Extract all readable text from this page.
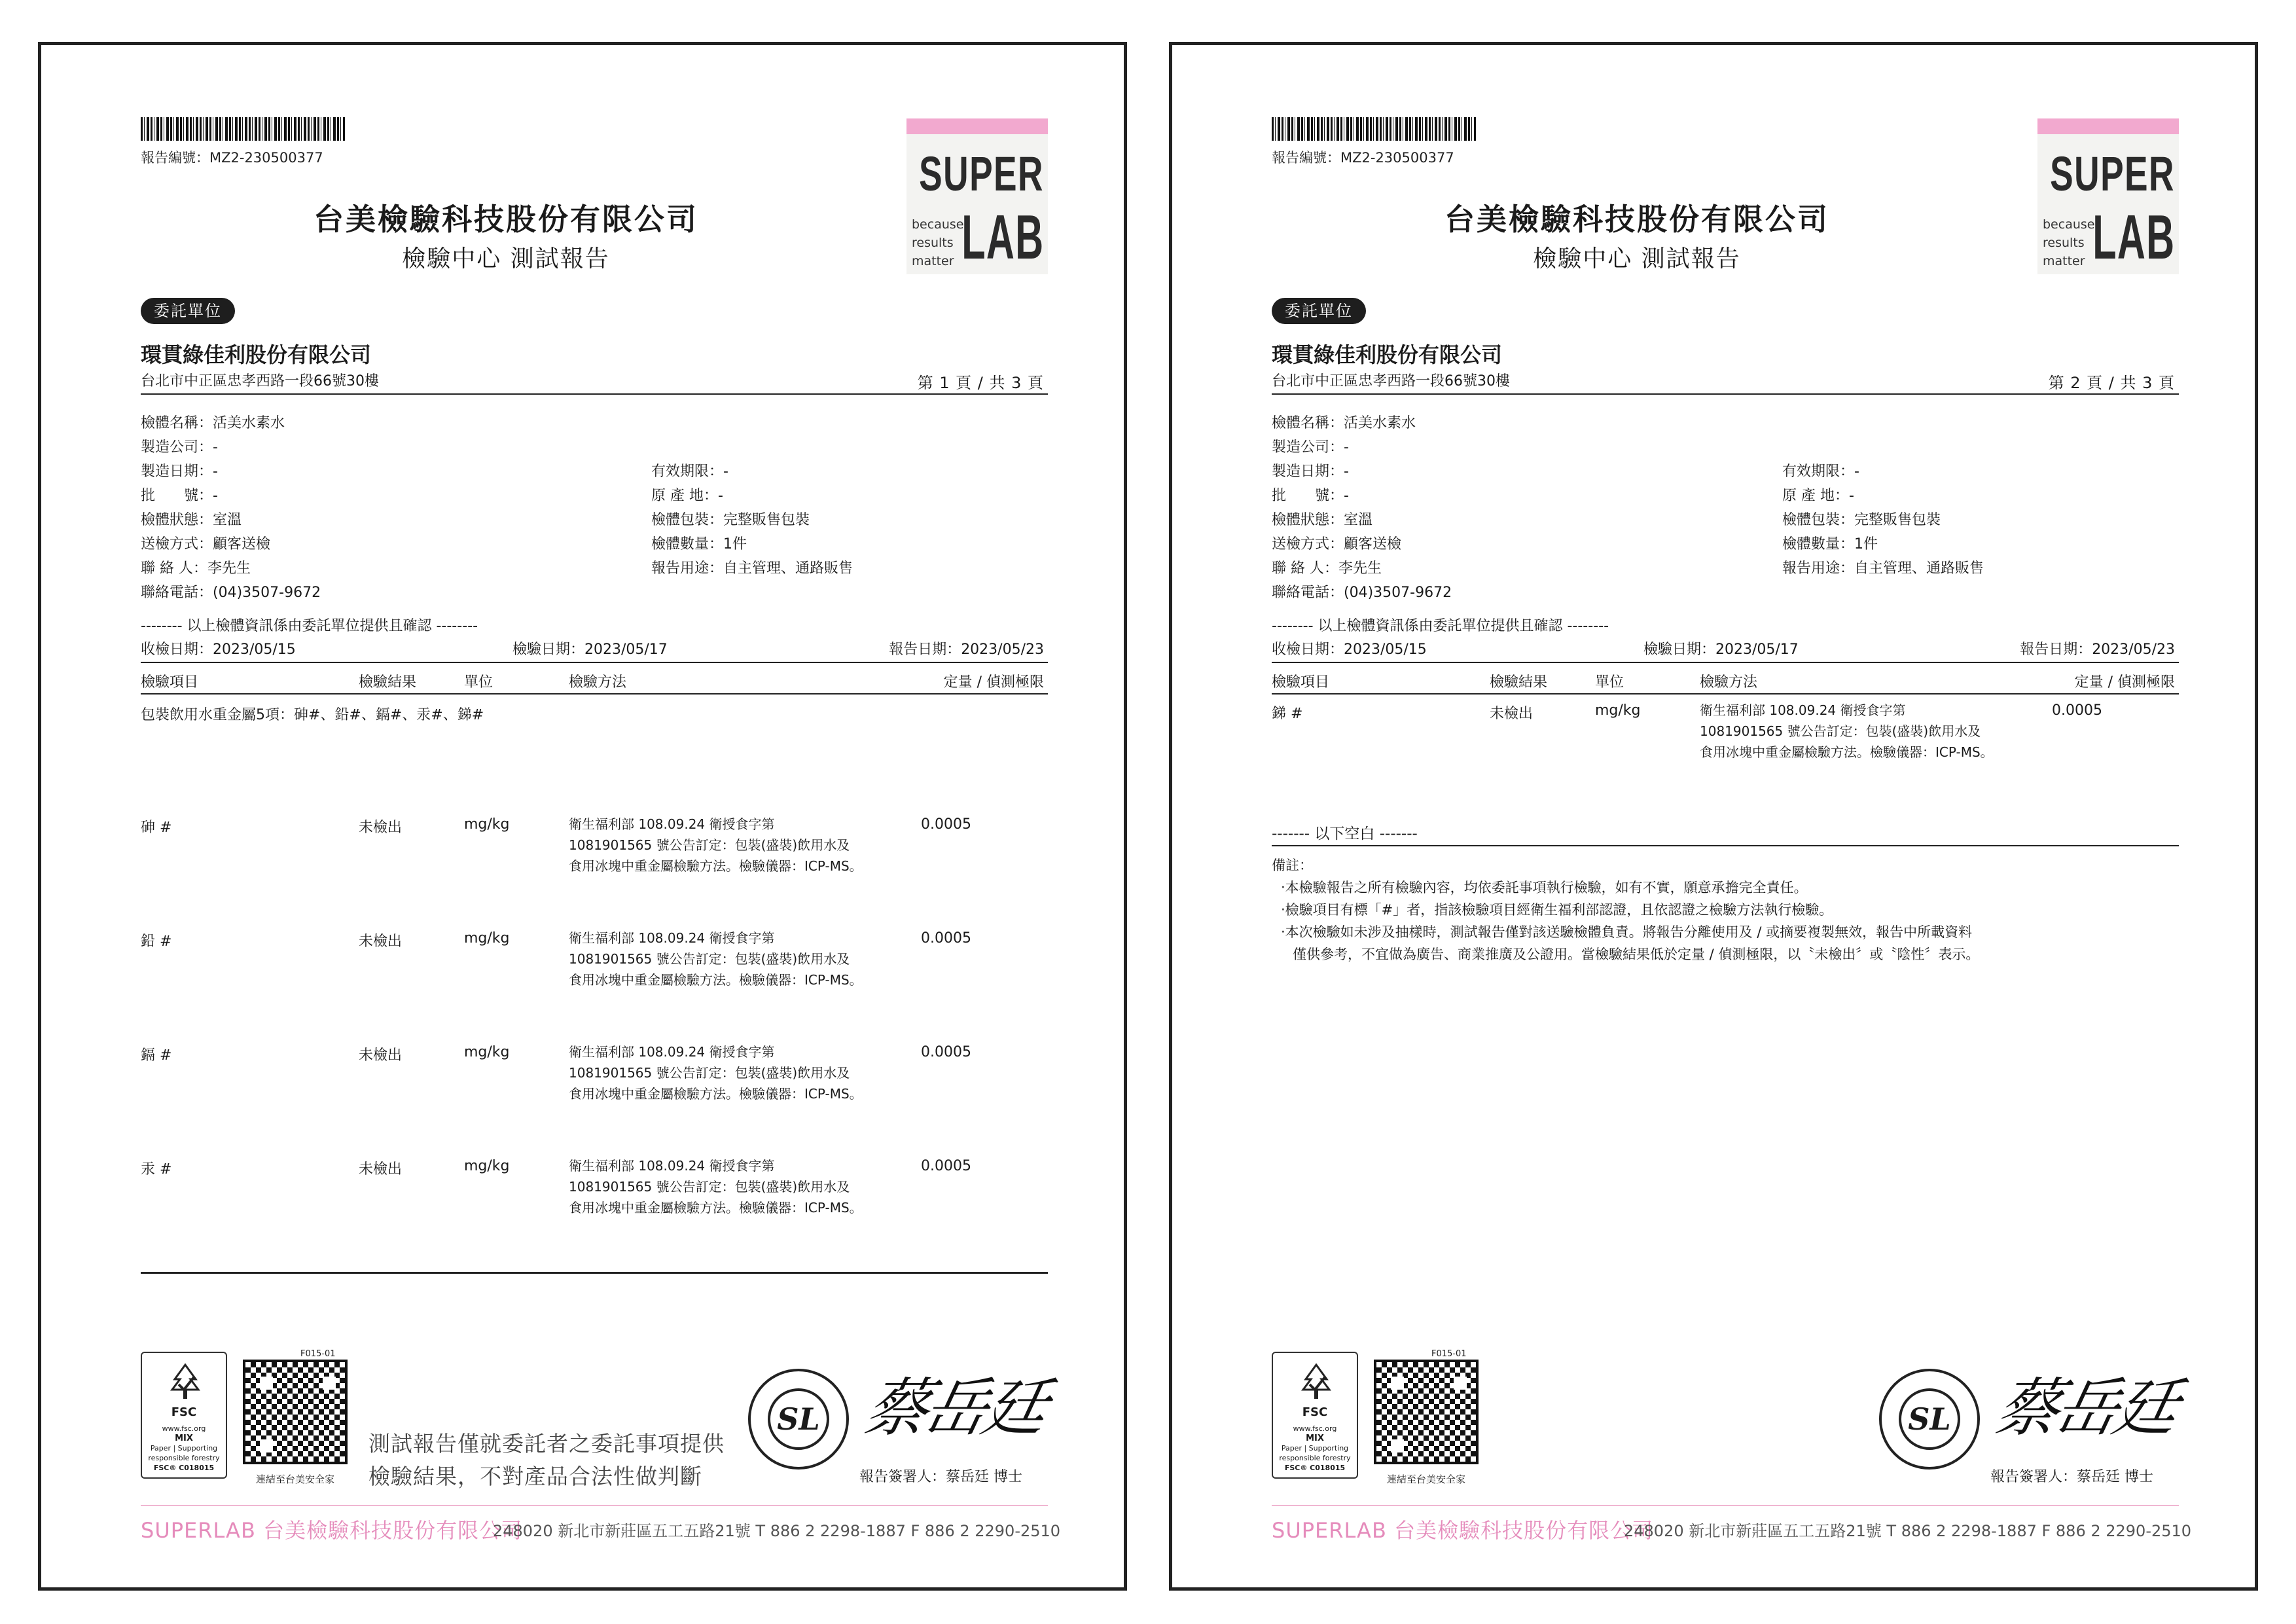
報告編號：MZ2-230500377
台美檢驗科技股份有限公司
檢驗中心 測試報告
SUPER
LAB
because
results
matter
委託單位
環貫綠佳利股份有限公司
台北市中正區忠孝西路一段66號30樓	第 1 頁 / 共 3 頁
檢體名稱：活美水素水
製造公司：-
製造日期：-
批　　號：-
檢體狀態：室溫
送檢方式：顧客送檢
聯 絡 人：李先生
聯絡電話：(04)3507-9672
有效期限：-
原 產 地：-
檢體包裝：完整販售包裝
檢體數量：1件
報告用途：自主管理、通路販售
-------- 以上檢體資訊係由委託單位提供且確認 --------
收檢日期：2023/05/15	檢驗日期：2023/05/17	報告日期：2023/05/23
檢驗項目	檢驗結果	單位	檢驗方法	定量 / 偵測極限
包裝飲用水重金屬5項：砷#、鉛#、鎘#、汞#、銻#
砷 #	未檢出	mg/kg	衛生福利部 108.09.24 衛授食字第
1081901565 號公告訂定：包裝(盛裝)飲用水及
食用冰塊中重金屬檢驗方法。檢驗儀器：ICP-MS。
0.0005
鉛 #	未檢出	mg/kg	衛生福利部 108.09.24 衛授食字第
1081901565 號公告訂定：包裝(盛裝)飲用水及
食用冰塊中重金屬檢驗方法。檢驗儀器：ICP-MS。
0.0005
鎘 #	未檢出	mg/kg	衛生福利部 108.09.24 衛授食字第
1081901565 號公告訂定：包裝(盛裝)飲用水及
食用冰塊中重金屬檢驗方法。檢驗儀器：ICP-MS。
0.0005
汞 #	未檢出	mg/kg	衛生福利部 108.09.24 衛授食字第
1081901565 號公告訂定：包裝(盛裝)飲用水及
食用冰塊中重金屬檢驗方法。檢驗儀器：ICP-MS。
0.0005
FSC
www.fsc.org
MIX
Paper | Supporting responsible forestry
FSC® C018015
F015-01
連結至台美安全家
測試報告僅就委託者之委託事項提供
檢驗結果，不對產品合法性做判斷
SL 蔡岳廷
報告簽署人：蔡岳廷 博士
SUPERLAB 台美檢驗科技股份有限公司
248020 新北市新莊區五工五路21號 T 886 2 2298-1887 F 886 2 2290-2510
報告編號：MZ2-230500377
台美檢驗科技股份有限公司
檢驗中心 測試報告
SUPER
LAB
because
results
matter
委託單位
環貫綠佳利股份有限公司
台北市中正區忠孝西路一段66號30樓	第 2 頁 / 共 3 頁
檢體名稱：活美水素水
製造公司：-
製造日期：-
批　　號：-
檢體狀態：室溫
送檢方式：顧客送檢
聯 絡 人：李先生
聯絡電話：(04)3507-9672
有效期限：-
原 產 地：-
檢體包裝：完整販售包裝
檢體數量：1件
報告用途：自主管理、通路販售
-------- 以上檢體資訊係由委託單位提供且確認 --------
收檢日期：2023/05/15	檢驗日期：2023/05/17	報告日期：2023/05/23
檢驗項目	檢驗結果	單位	檢驗方法	定量 / 偵測極限
銻 #	未檢出	mg/kg	衛生福利部 108.09.24 衛授食字第
1081901565 號公告訂定：包裝(盛裝)飲用水及
食用冰塊中重金屬檢驗方法。檢驗儀器：ICP-MS。
0.0005
------- 以下空白 -------
備註：
‧本檢驗報告之所有檢驗內容，均依委託事項執行檢驗，如有不實，願意承擔完全責任。
‧檢驗項目有標「#」者，指該檢驗項目經衛生福利部認證，且依認證之檢驗方法執行檢驗。
‧本次檢驗如未涉及抽樣時，測試報告僅對該送驗檢體負責。將報告分離使用及 / 或摘要複製無效，報告中所載資料
僅供參考，不宜做為廣告、商業推廣及公證用。當檢驗結果低於定量 / 偵測極限，以〝未檢出〞或〝陰性〞表示。
FSC
www.fsc.org
MIX
Paper | Supporting responsible forestry
FSC® C018015
F015-01
連結至台美安全家
SL 蔡岳廷
報告簽署人：蔡岳廷 博士
SUPERLAB 台美檢驗科技股份有限公司
248020 新北市新莊區五工五路21號 T 886 2 2298-1887 F 886 2 2290-2510
